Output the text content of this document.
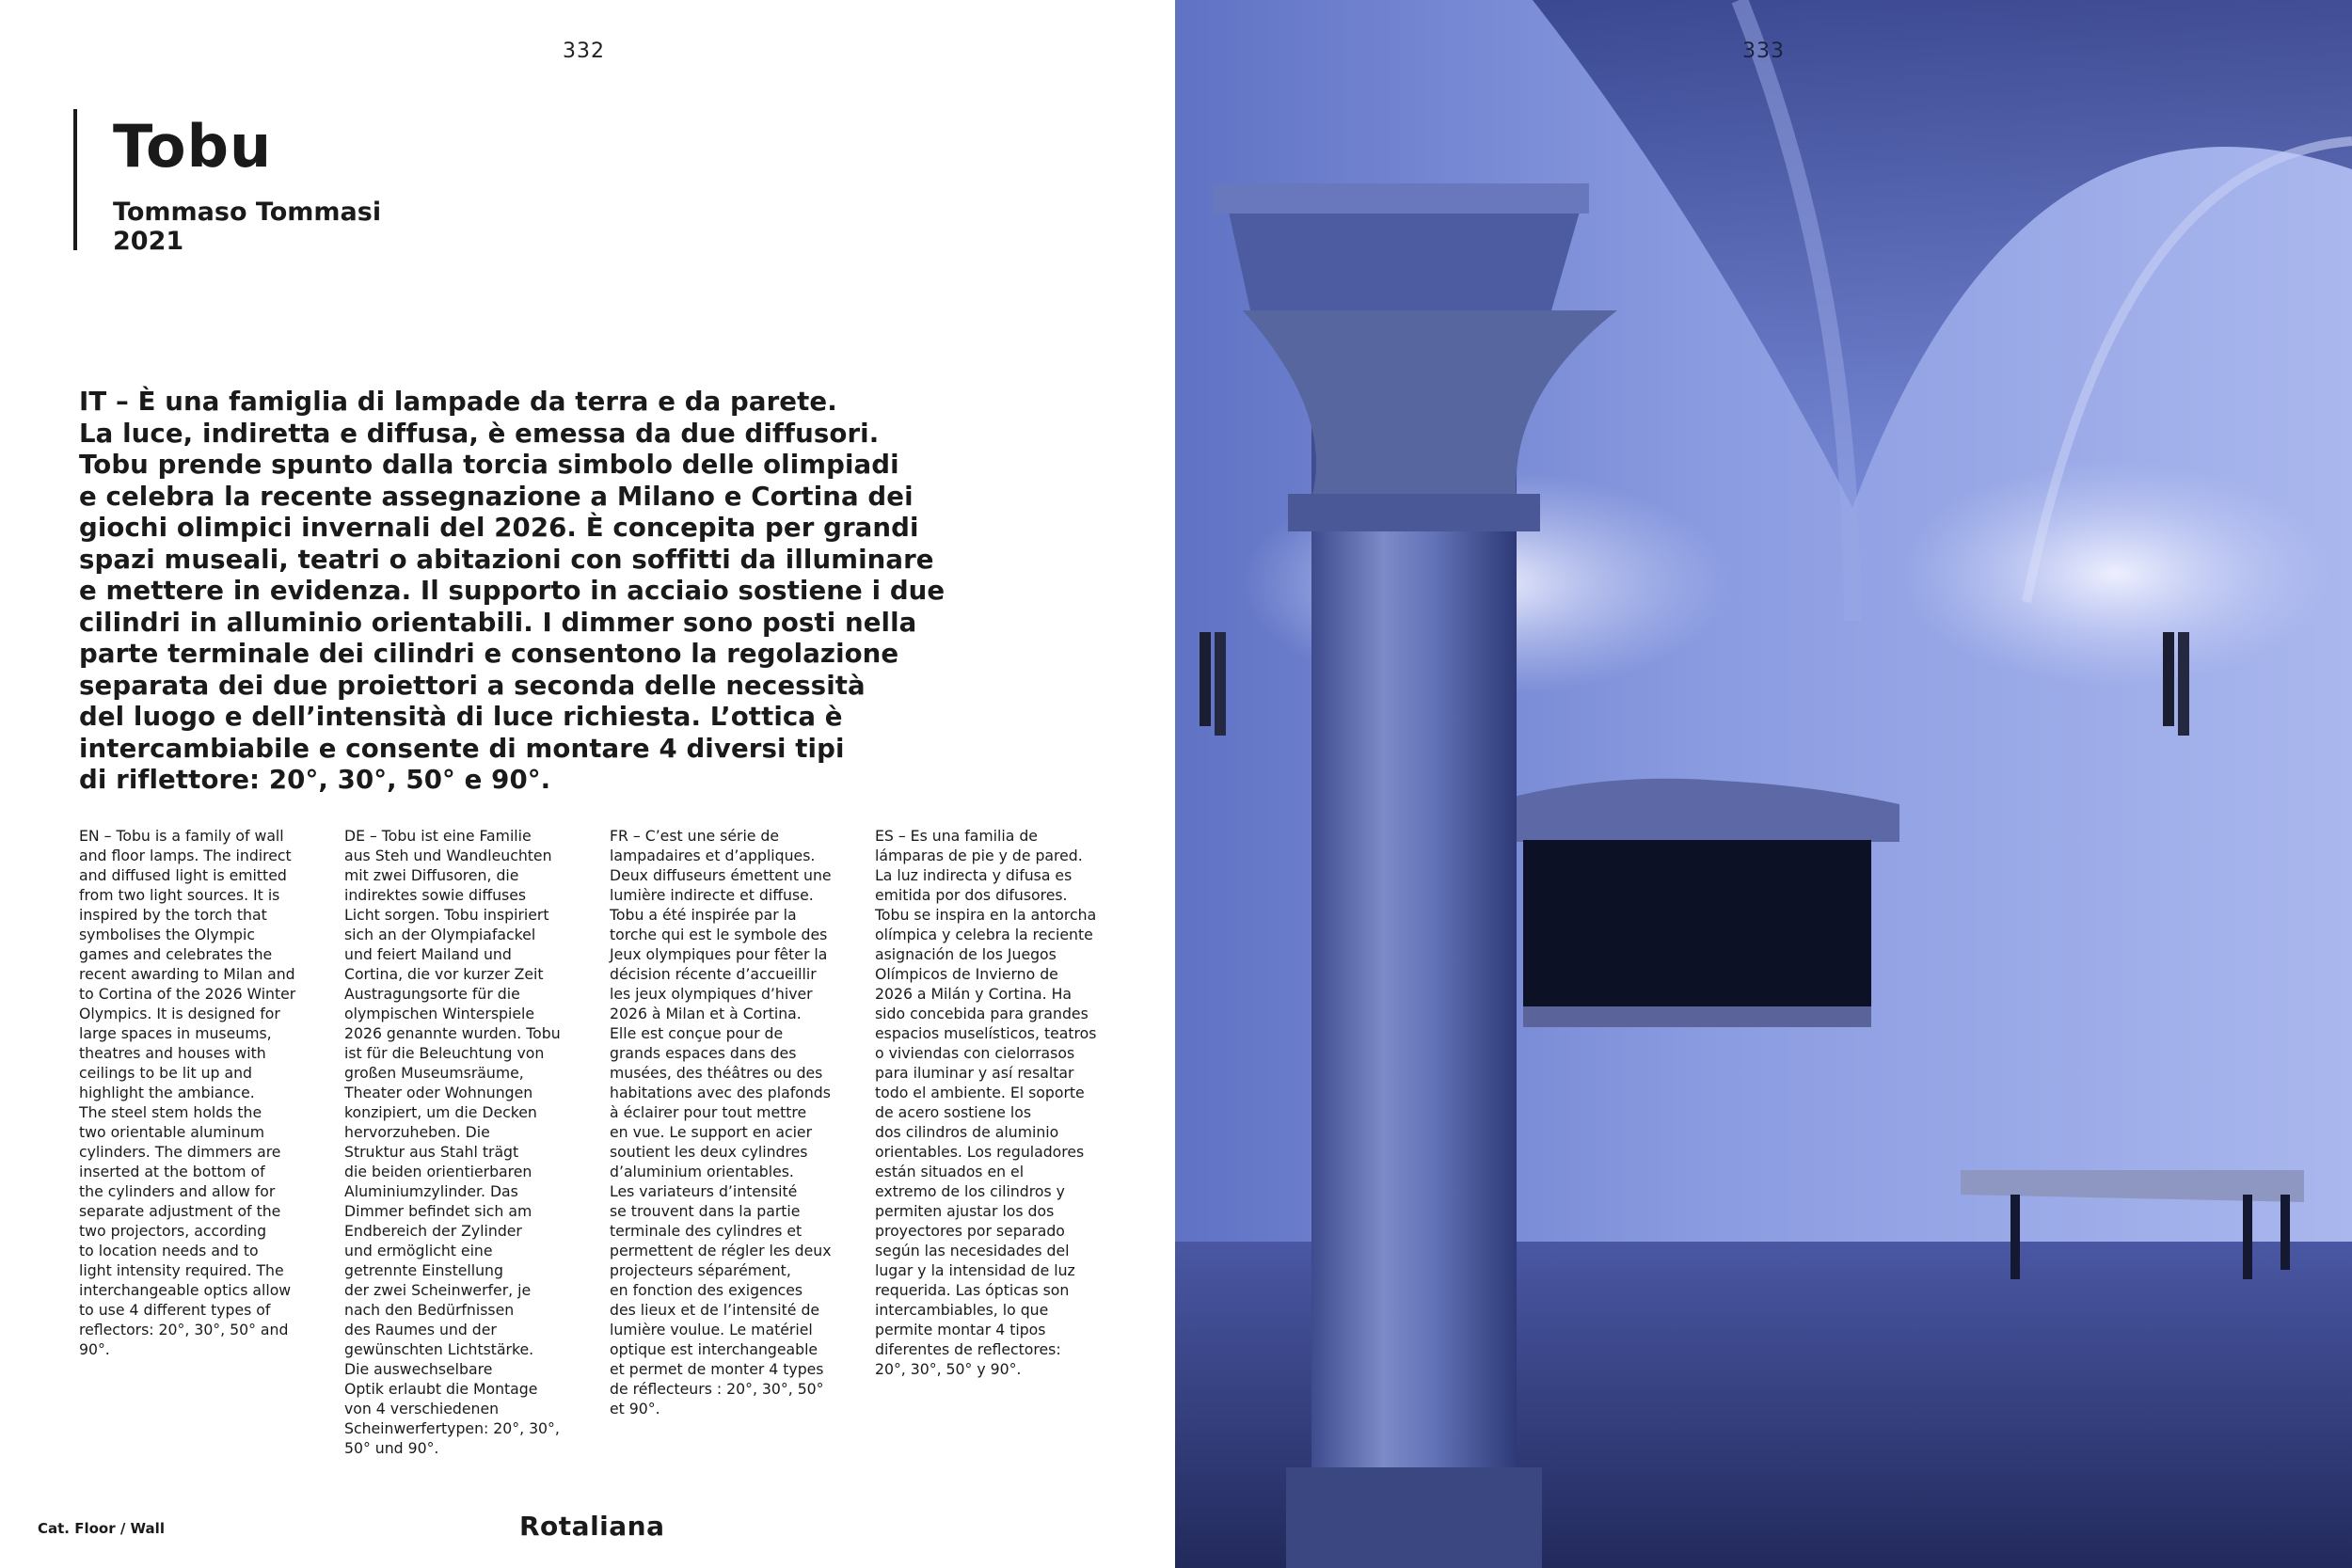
332
Tobu

Tommaso Tommasi

2021

IT – È una famiglia di lampade da terra e da parete.
La luce, indiretta e diffusa, è emessa da due diffusori.
Tobu prende spunto dalla torcia simbolo delle olimpiadi
e celebra la recente assegnazione a Milano e Cortina dei
giochi olimpici invernali del 2026. È concepita per grandi
spazi museali, teatri o abitazioni con soffitti da illuminare
e mettere in evidenza. Il supporto in acciaio sostiene i due
cilindri in alluminio orientabili. I dimmer sono posti nella
parte terminale dei cilindri e consentono la regolazione
separata dei due proiettori a seconda delle necessità
del luogo e dell’intensità di luce richiesta. L’ottica è
intercambiabile e consente di montare 4 diversi tipi
di riflettore: 20°, 30°, 50° e 90°.
EN – Tobu is a family of wall
and floor lamps. The indirect
and diffused light is emitted
from two light sources. It is
inspired by the torch that
symbolises the Olympic
games and celebrates the
recent awarding to Milan and
to Cortina of the 2026 Winter
Olympics. It is designed for
large spaces in museums,
theatres and houses with
ceilings to be lit up and
highlight the ambiance.
The steel stem holds the
two orientable aluminum
cylinders. The dimmers are
inserted at the bottom of
the cylinders and allow for
separate adjustment of the
two projectors, according
to location needs and to
light intensity required. The
interchangeable optics allow
to use 4 different types of
reflectors: 20°, 30°, 50° and
90°.
DE – Tobu ist eine Familie
aus Steh und Wandleuchten
mit zwei Diffusoren, die
indirektes sowie diffuses
Licht sorgen. Tobu inspiriert
sich an der Olympiafackel
und feiert Mailand und
Cortina, die vor kurzer Zeit
Austragungsorte für die
olympischen Winterspiele
2026 genannte wurden. Tobu
ist für die Beleuchtung von
großen Museumsräume,
Theater oder Wohnungen
konzipiert, um die Decken
hervorzuheben. Die
Struktur aus Stahl trägt
die beiden orientierbaren
Aluminiumzylinder. Das
Dimmer befindet sich am
Endbereich der Zylinder
und ermöglicht eine
getrennte Einstellung
der zwei Scheinwerfer, je
nach den Bedürfnissen
des Raumes und der
gewünschten Lichtstärke.
Die auswechselbare
Optik erlaubt die Montage
von 4 verschiedenen
Scheinwerfertypen: 20°, 30°,
50° und 90°.
FR – C’est une série de
lampadaires et d’appliques.
Deux diffuseurs émettent une
lumière indirecte et diffuse.
Tobu a été inspirée par la
torche qui est le symbole des
Jeux olympiques pour fêter la
décision récente d’accueillir
les jeux olympiques d’hiver
2026 à Milan et à Cortina.
Elle est conçue pour de
grands espaces dans des
musées, des théâtres ou des
habitations avec des plafonds
à éclairer pour tout mettre
en vue. Le support en acier
soutient les deux cylindres
d’aluminium orientables.
Les variateurs d’intensité
se trouvent dans la partie
terminale des cylindres et
permettent de régler les deux
projecteurs séparément,
en fonction des exigences
des lieux et de l’intensité de
lumière voulue. Le matériel
optique est interchangeable
et permet de monter 4 types
de réflecteurs : 20°, 30°, 50°
et 90°.
ES – Es una familia de
lámparas de pie y de pared.
La luz indirecta y difusa es
emitida por dos difusores.
Tobu se inspira en la antorcha
olímpica y celebra la reciente
asignación de los Juegos
Olímpicos de Invierno de
2026 a Milán y Cortina. Ha
sido concebida para grandes
espacios muselísticos, teatros
o viviendas con cielorrasos
para iluminar y así resaltar
todo el ambiente. El soporte
de acero sostiene los
dos cilindros de aluminio
orientables. Los reguladores
están situados en el
extremo de los cilindros y
permiten ajustar los dos
proyectores por separado
según las necesidades del
lugar y la intensidad de luz
requerida. Las ópticas son
intercambiables, lo que
permite montar 4 tipos
diferentes de reflectores:
20°, 30°, 50° y 90°.
Cat. Floor / Wall	Rotaliana
333
